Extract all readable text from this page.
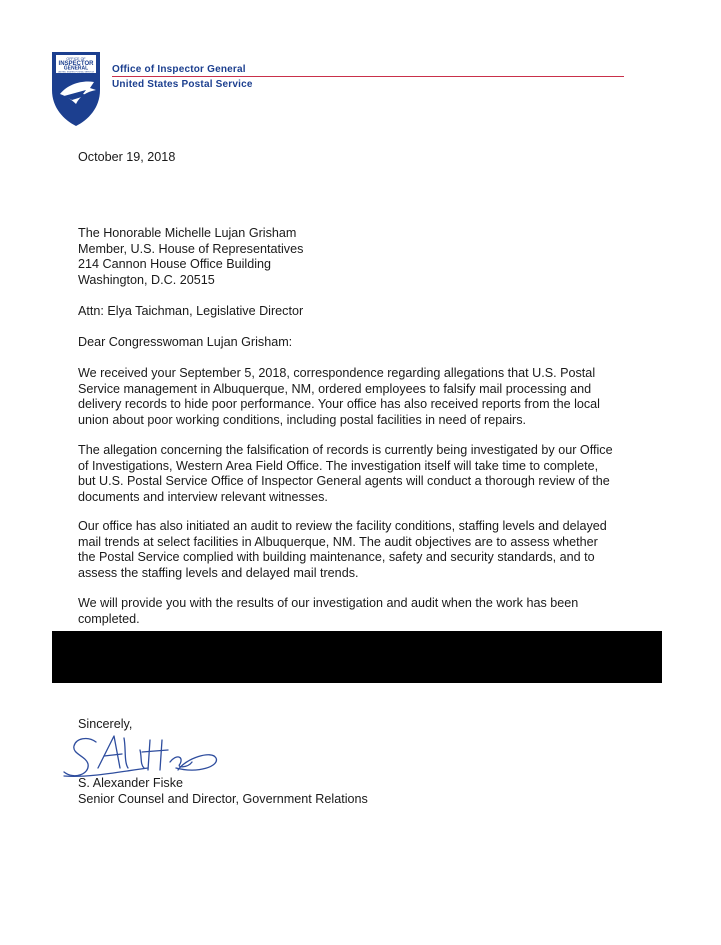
OFFICE OF
INSPECTOR
GENERAL
UNITED STATES POSTAL SERVICE Office of Inspector General
United States Postal Service
October 19, 2018
The Honorable Michelle Lujan Grisham
Member, U.S. House of Representatives
214 Cannon House Office Building
Washington, D.C. 20515
Attn: Elya Taichman, Legislative Director
Dear Congresswoman Lujan Grisham:
We received your September 5, 2018, correspondence regarding allegations that U.S. Postal
Service management in Albuquerque, NM, ordered employees to falsify mail processing and
delivery records to hide poor performance. Your office has also received reports from the local
union about poor working conditions, including postal facilities in need of repairs.
The allegation concerning the falsification of records is currently being investigated by our Office
of Investigations, Western Area Field Office. The investigation itself will take time to complete,
but U.S. Postal Service Office of Inspector General agents will conduct a thorough review of the
documents and interview relevant witnesses.
Our office has also initiated an audit to review the facility conditions, staffing levels and delayed
mail trends at select facilities in Albuquerque, NM. The audit objectives are to assess whether
the Postal Service complied with building maintenance, safety and security standards, and to
assess the staffing levels and delayed mail trends.
We will provide you with the results of our investigation and audit when the work has been
completed.
Sincerely,
S. Alexander Fiske
Senior Counsel and Director, Government Relations
